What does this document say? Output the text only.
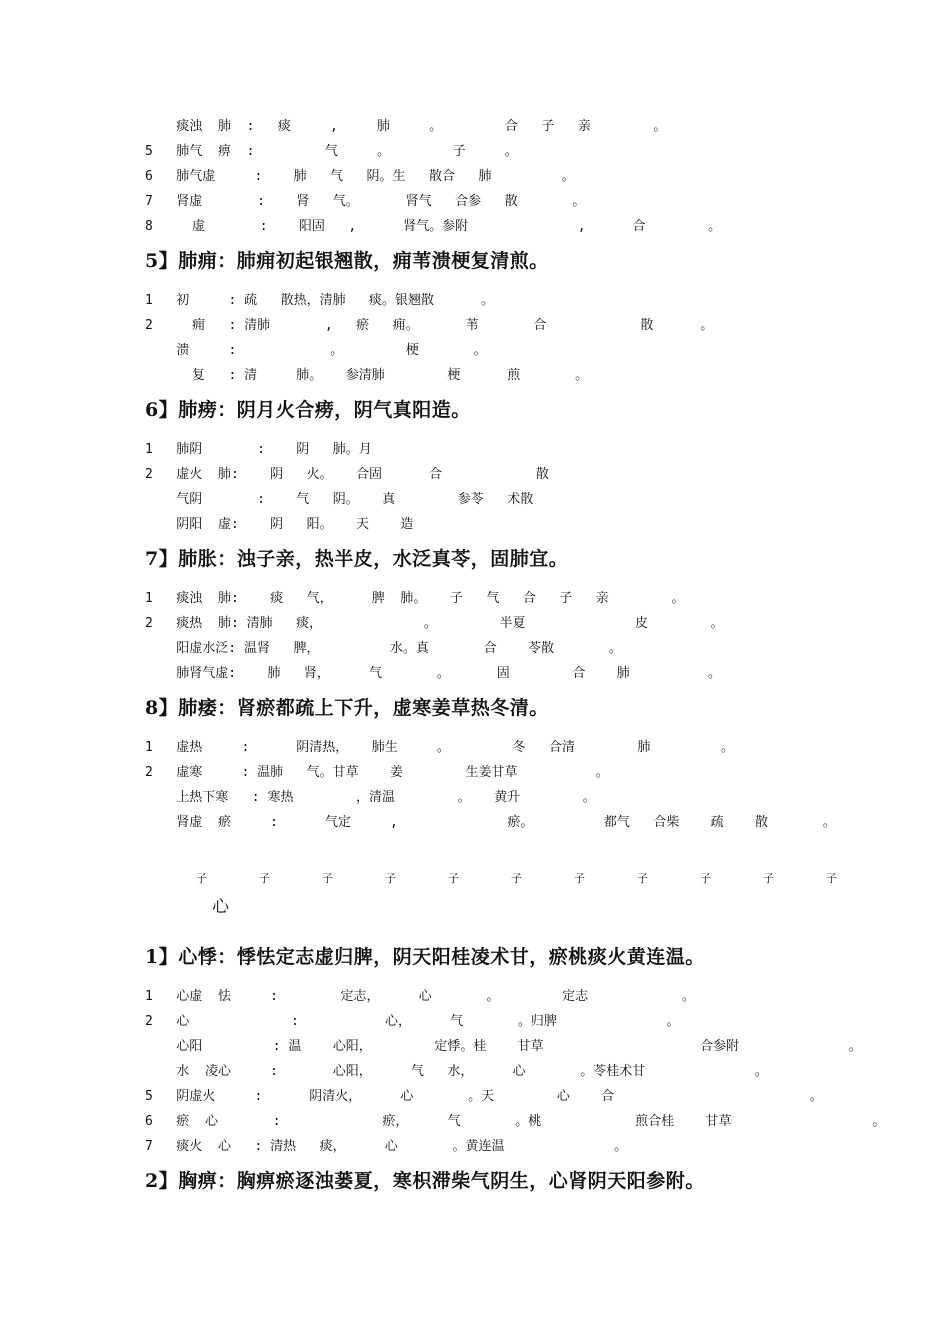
痰浊  肺  :   痰     ,     肺     。        合   子   亲        。
5   肺气  痹  :         气     。        子     。
6   肺气虚     :    肺   气   阴。生   散合   肺         。
7   肾虚       :    肾   气。      肾气   合参   散       。
8     虚       :    阳固   ,      肾气。参附              ,      合        。
5】肺痈：肺痈初起银翘散，痈苇溃梗复清煎。
1   初     : 疏   散热，清肺   痰。银翘散      。
2     痈   : 清肺       ,   瘀   痈。      苇       合            散      。
溃     :            。        梗       。
复   : 清     肺。   参清肺        梗      煎       。
6】肺痨：阴月火合痨，阴气真阳造。
1   肺阴       :    阴   肺。月
2   虚火  肺:    阴   火。   合固      合            散
气阴       :    气   阴。   真        参苓   术散
阴阳  虚:    阴   阳。   天    造
7】肺胀：浊子亲，热半皮，水泛真苓，固肺宜。
1   痰浊  肺:    痰   气，     脾  肺。   子   气   合   子   亲        。
2   痰热  肺: 清肺   痰，             。        半夏              皮        。
阳虚水泛: 温肾   脾，         水。真       合    苓散       。
肺肾气虚:    肺   肾，     气       。      固        合    肺          。
8】肺痿：肾瘀都疏上下升，虚寒姜草热冬清。
1   虚热     :      阴清热，   肺生     。        冬   合清        肺         。
2   虚寒     : 温肺   气。甘草    姜        生姜甘草          。
上热下寒   : 寒热        ，清温        。   黄升        。
肾虚  瘀     :      气定     ,              瘀。         都气   合柴    疏    散       。
子	子	子	子	子	子	子	子	子	子	子
心
1】心悸：悸怯定志虚归脾，阴天阳桂凌术甘，瘀桃痰火黄连温。
1   心虚  怯     :        定志，     心       。        定志            。
2   心             :           心，     气       。归脾              。
心阳         : 温    心阳，        定悸。桂    甘草                    合参附              。
水  凌心     :       心阳，     气   水，     心       。苓桂术甘              。
5   阴虚火     :      阴清火，     心       。天        心    合                         。
6   瘀  心       :             瘀，     气       。桃            煎合桂    甘草                  。
7   痰火  心   : 清热   痰，     心       。黄连温              。
2】胸痹：胸痹瘀逐浊蒌夏，寒枳滞柴气阴生，心肾阴天阳参附。
